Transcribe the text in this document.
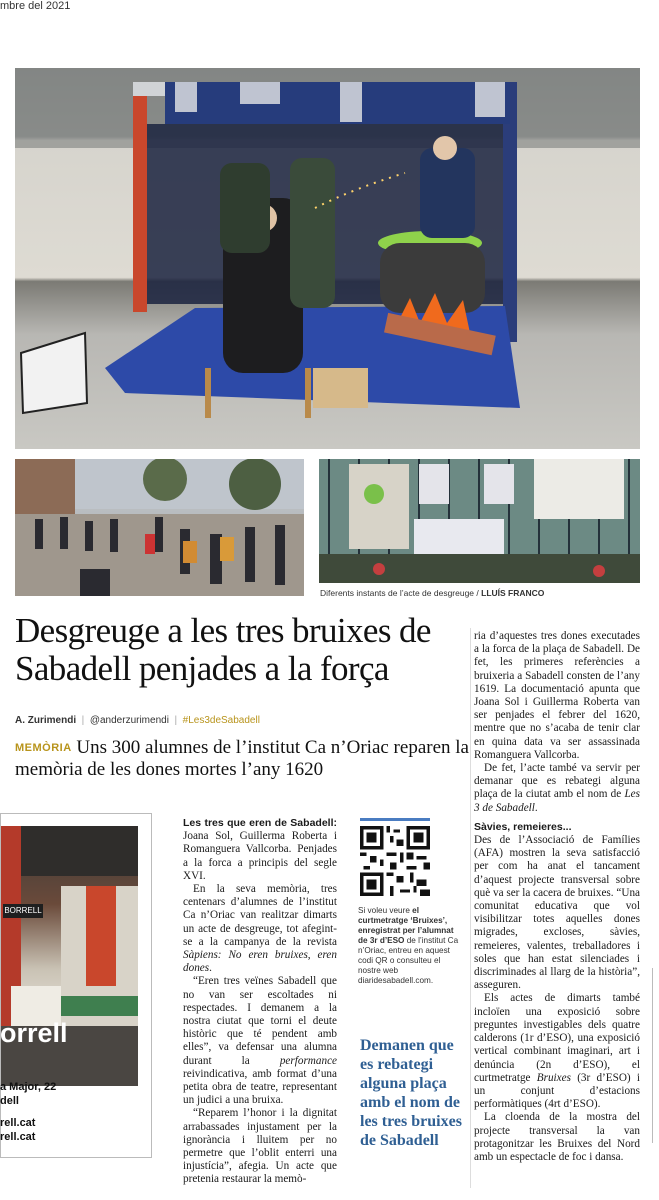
mbre del 2021
Diferents instants de l’acte de desgreuge / LLUÍS FRANCO
Desgreuge a les tres bruixes de Sabadell penjades a la força
A. Zurimendi  |  @anderzurimendi  |  #Les3deSabadell
MEMÒRIA Uns 300 alumnes de l’institut Ca n’Oriac reparen la memòria de les dones mortes l’any 1620
BORRELL
orrell
a Major, 22
dell
rell.cat
rell.cat

Les tres que eren de Sabadell: Joana Sol, Guillerma Roberta i Romanguera Vallcorba. Penjades a la forca a principis del segle XVI.

En la seva memòria, tres centenars d’alumnes de l’institut Ca n’Oriac van realitzar dimarts un acte de desgreuge, tot afegint-se a la campanya de la revista Sàpiens: No eren bruixes, eren dones.

“Eren tres veïnes Sabadell que no van ser escoltades ni respectades. I demanem a la nostra ciutat que torni el deute històric que té pendent amb elles”, va defensar una alumna durant la performance reivindicativa, amb format d’una petita obra de teatre, representant un judici a una bruixa.

“Reparem l’honor i la dignitat arrabassades injustament per la ignorància i lluitem per no permetre que l’oblit enterri una injustícia”, afegia. Un acte que pretenia restaurar la memò-

Si voleu veure el curtmetratge ‘Bruixes’, enregistrat per l’alumnat de 3r d’ESO de l’institut Ca n’Oriac, entreu en aquest codi QR o consulteu el nostre web diaridesabadell.com.
Demanen que es rebategi alguna plaça amb el nom de les tres bruixes de Sabadell

ria d’aquestes tres dones executades a la forca de la plaça de Sabadell. De fet, les primeres referències a bruixeria a Sabadell consten de l’any 1619. La documentació apunta que Joana Sol i Guillerma Roberta van ser penjades el febrer del 1620, mentre que no s’acaba de tenir clar en quina data va ser assassinada Romanguera Vallcorba.

De fet, l’acte també va servir per demanar que es rebategi alguna plaça de la ciutat amb el nom de Les 3 de Sabadell.

Sàvies, remeieres...

Des de l’Associació de Famílies (AFA) mostren la seva satisfacció per com ha anat el tancament d’aquest projecte transversal sobre què va ser la cacera de bruixes. “Una comunitat educativa que vol visibilitzar totes aquelles dones migrades, excloses, sàvies, remeieres, valentes, treballadores i soles que han estat silenciades i discriminades al llarg de la història”, asseguren.

Els actes de dimarts també incloïen una exposició sobre preguntes investigables dels quatre calderons (1r d’ESO), una exposició vertical combinant imaginari, art i denúncia (2n d’ESO), el curtmetratge Bruixes (3r d’ESO) i un conjunt d’estacions performàtiques (4rt d’ESO).

La cloenda de la mostra del projecte transversal la van protagonitzar les Bruixes del Nord amb un espectacle de foc i dansa.
